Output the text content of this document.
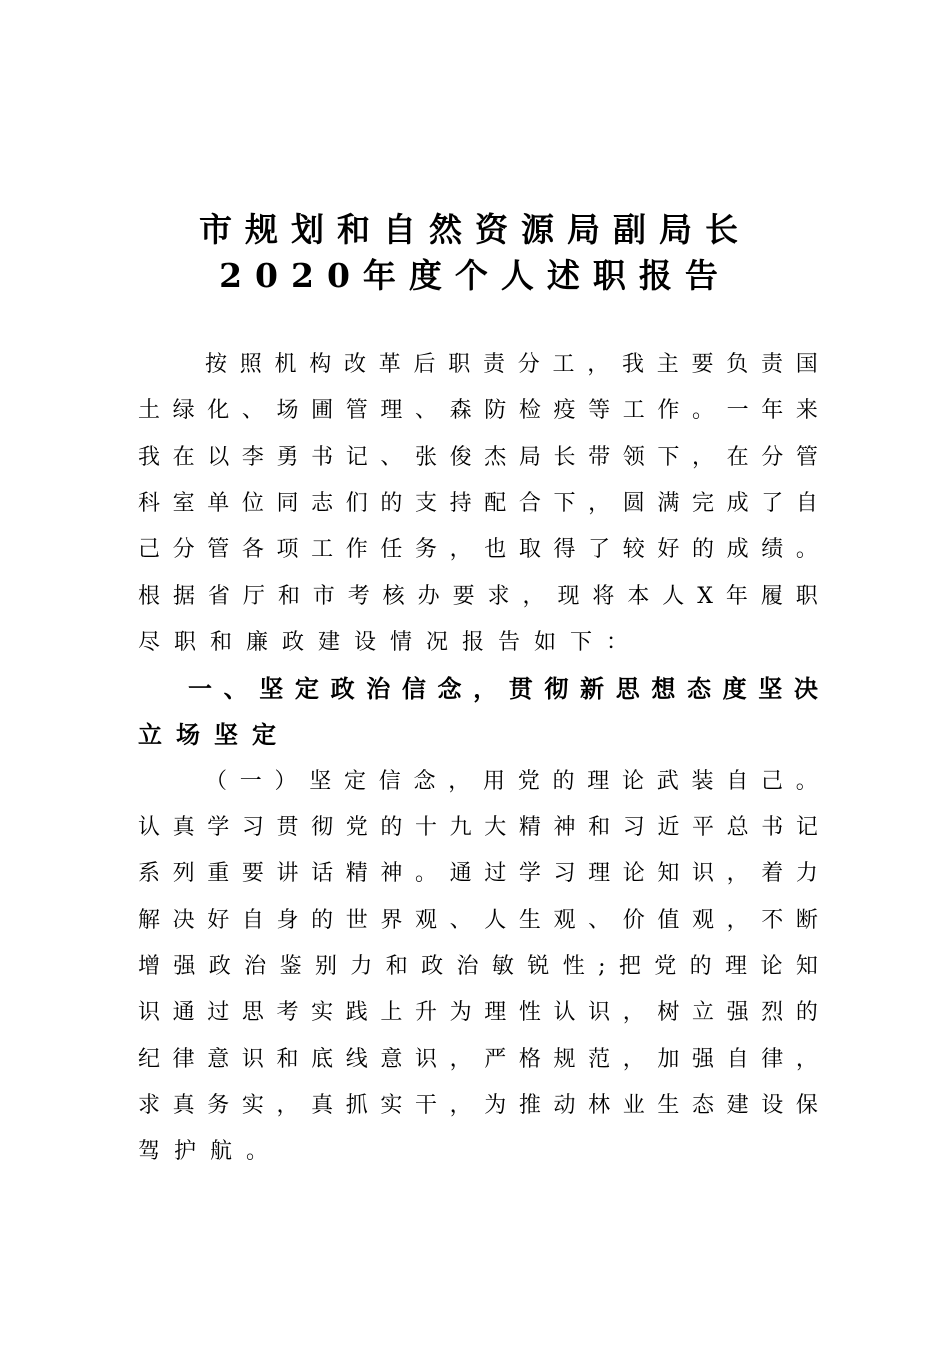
市规划和自然资源局副局长
2020年度个人述职报告
按 照 机 构 改 革 后 职 责 分 工 ， 我 主 要 负 责 国
土 绿 化 、 场 圃 管 理 、 森 防 检 疫 等 工 作 。 一 年 来
我 在 以 李 勇 书 记 、 张 俊 杰 局 长 带 领 下 ， 在 分 管
科 室 单 位 同 志 们 的 支 持 配 合 下 ， 圆 满 完 成 了 自
己 分 管 各 项 工 作 任 务 ， 也 取 得 了 较 好 的 成 绩 。
根 据 省 厅 和 市 考 核 办 要 求 ， 现 将 本 人 X 年 履 职
尽职和廉政建设情况报告如下：
一 、 坚 定 政 治 信 念 ， 贯 彻 新 思 想 态 度 坚 决
立场坚定
（ 一 ） 坚 定 信 念 ， 用 党 的 理 论 武 装 自 己 。
认 真 学 习 贯 彻 党 的 十 九 大 精 神 和 习 近 平 总 书 记
系 列 重 要 讲 话 精 神 。 通 过 学 习 理 论 知 识 ， 着 力
解 决 好 自 身 的 世 界 观 、 人 生 观 、 价 值 观 ， 不 断
增 强 政 治 鉴 别 力 和 政 治 敏 锐 性 ; 把 党 的 理 论 知
识 通 过 思 考 实 践 上 升 为 理 性 认 识 ， 树 立 强 烈 的
纪 律 意 识 和 底 线 意 识 ， 严 格 规 范 ， 加 强 自 律 ，
求 真 务 实 ， 真 抓 实 干 ， 为 推 动 林 业 生 态 建 设 保
驾护航。
